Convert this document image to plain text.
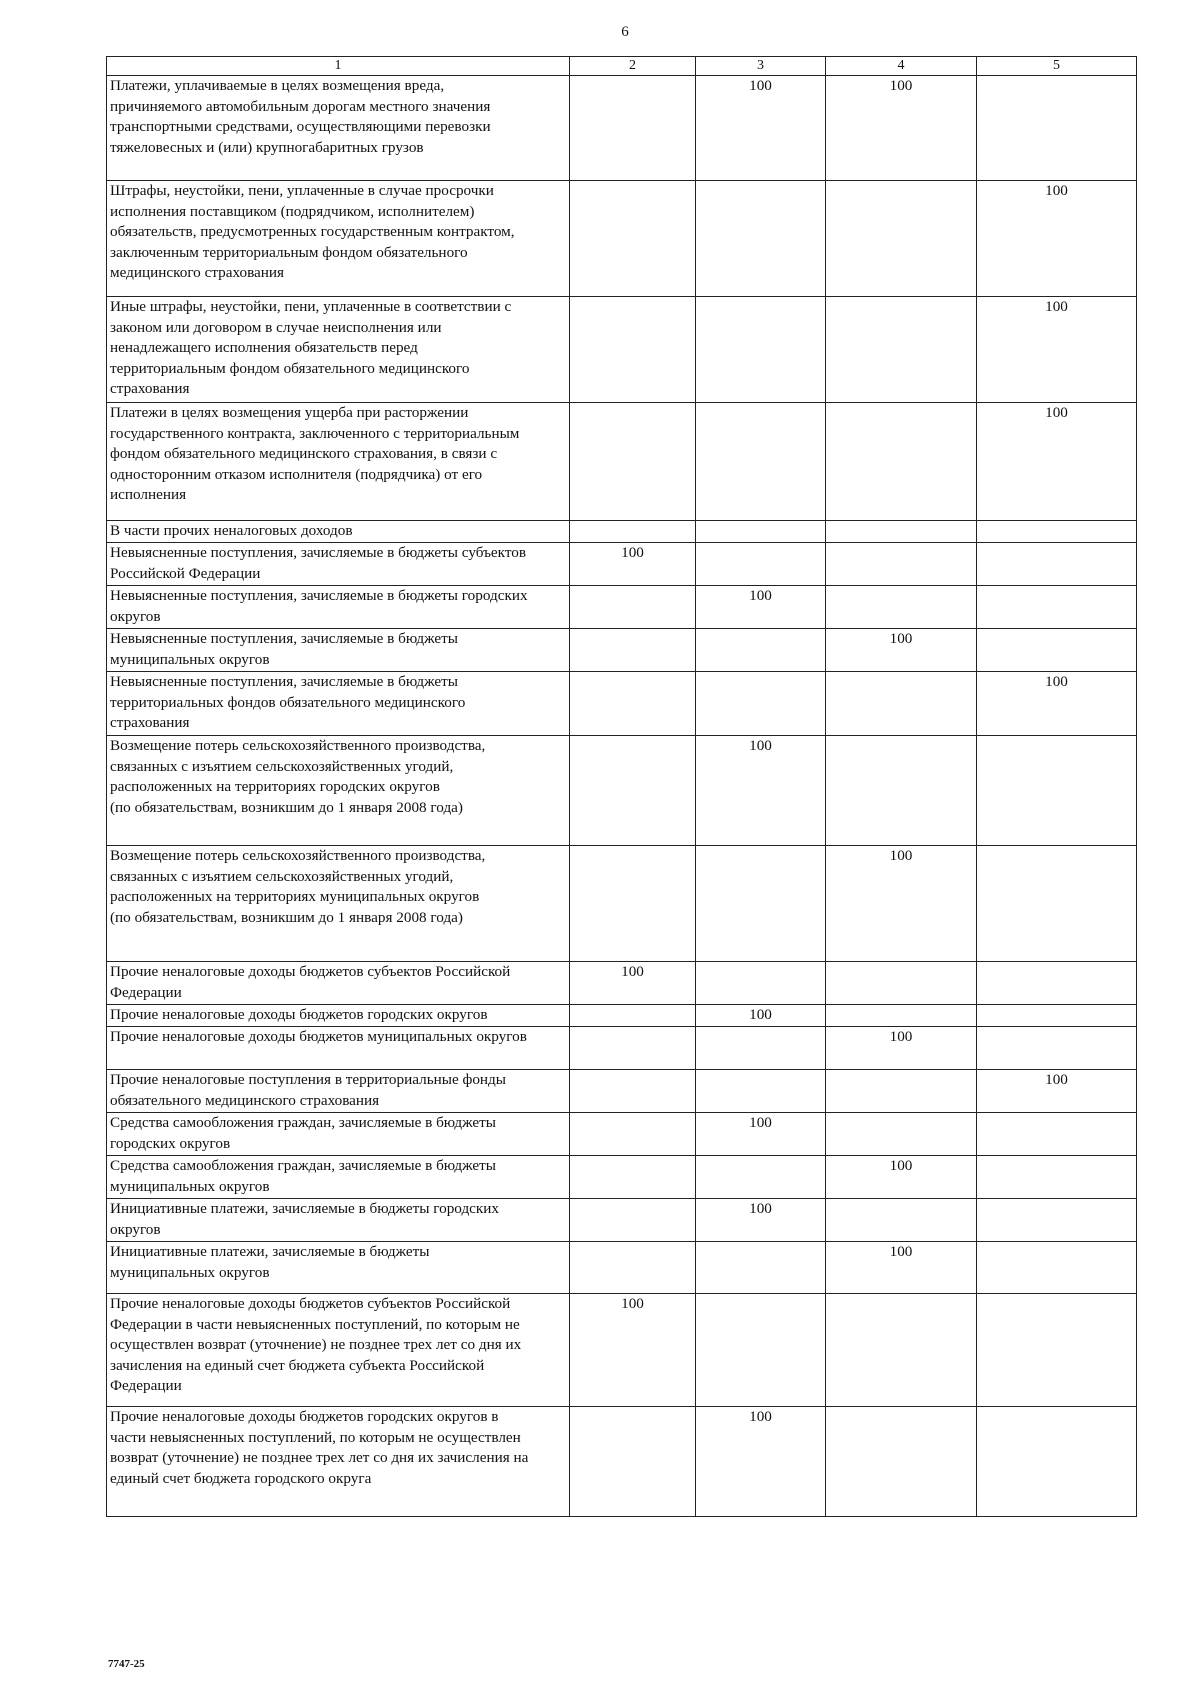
6
1	2	3	4	5
Платежи, уплачиваемые в целях возмещения вреда,
причиняемого автомобильным дорогам местного значения
транспортными средствами, осуществляющими перевозки
тяжеловесных и (или) крупногабаритных грузов		100	100	
Штрафы, неустойки, пени, уплаченные в случае просрочки
исполнения поставщиком (подрядчиком, исполнителем)
обязательств, предусмотренных государственным контрактом,
заключенным территориальным фондом обязательного
медицинского страхования				100
Иные штрафы, неустойки, пени, уплаченные в соответствии с
законом или договором в случае неисполнения или
ненадлежащего исполнения обязательств перед
территориальным фондом обязательного медицинского
страхования				100
Платежи в целях возмещения ущерба при расторжении
государственного контракта, заключенного с территориальным
фондом обязательного медицинского страхования, в связи с
односторонним отказом исполнителя (подрядчика) от его
исполнения				100
В части прочих неналоговых доходов				
Невыясненные поступления, зачисляемые в бюджеты субъектов
Российской Федерации	100			
Невыясненные поступления, зачисляемые в бюджеты городских
округов		100		
Невыясненные поступления, зачисляемые в бюджеты
муниципальных округов			100	
Невыясненные поступления, зачисляемые в бюджеты
территориальных фондов обязательного медицинского
страхования				100
Возмещение потерь сельскохозяйственного производства,
связанных с изъятием сельскохозяйственных угодий,
расположенных на территориях городских округов
(по обязательствам, возникшим до 1 января 2008 года)		100		
Возмещение потерь сельскохозяйственного производства,
связанных с изъятием сельскохозяйственных угодий,
расположенных на территориях муниципальных округов
(по обязательствам, возникшим до 1 января 2008 года)			100	
Прочие неналоговые доходы бюджетов субъектов Российской
Федерации	100			
Прочие неналоговые доходы бюджетов городских округов		100		
Прочие неналоговые доходы бюджетов муниципальных округов			100	
Прочие неналоговые поступления в территориальные фонды
обязательного медицинского страхования				100
Средства самообложения граждан, зачисляемые в бюджеты
городских округов		100		
Средства самообложения граждан, зачисляемые в бюджеты
муниципальных округов			100	
Инициативные платежи, зачисляемые в бюджеты городских
округов		100		
Инициативные платежи, зачисляемые в бюджеты
муниципальных округов			100	
Прочие неналоговые доходы бюджетов субъектов Российской
Федерации в части невыясненных поступлений, по которым не
осуществлен возврат (уточнение) не позднее трех лет со дня их
зачисления на единый счет бюджета субъекта Российской
Федерации	100			
Прочие неналоговые доходы бюджетов городских округов в
части невыясненных поступлений, по которым не осуществлен
возврат (уточнение) не позднее трех лет со дня их зачисления на
единый счет бюджета городского округа		100		
7747-25
